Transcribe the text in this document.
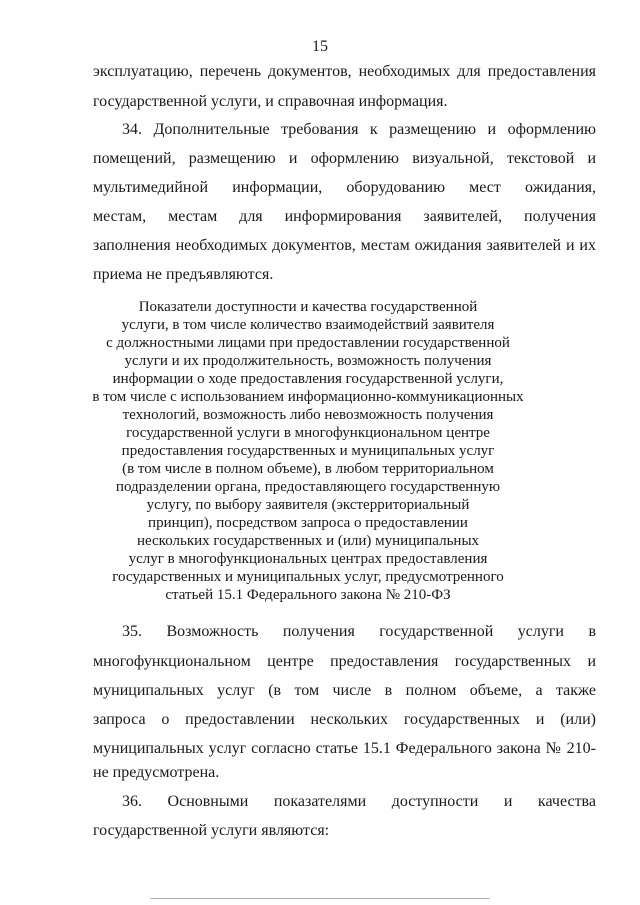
15
эксплуатацию, перечень документов, необходимых для предоставления
государственной услуги, и справочная информация.
34. Дополнительные требования к размещению и оформлению
помещений, размещению и оформлению визуальной, текстовой и
мультимедийной информации, оборудованию мест ожидания,
местам, местам для информирования заявителей, получения
заполнения необходимых документов, местам ожидания заявителей и их
приема не предъявляются.
Показатели доступности и качества государственной
услуги, в том числе количество взаимодействий заявителя
с должностными лицами при предоставлении государственной
услуги и их продолжительность, возможность получения
информации о ходе предоставления государственной услуги,
в том числе с использованием информационно-коммуникационных
технологий, возможность либо невозможность получения
государственной услуги в многофункциональном центре
предоставления государственных и муниципальных услуг
(в том числе в полном объеме), в любом территориальном
подразделении органа, предоставляющего государственную
услугу, по выбору заявителя (экстерриториальный
принцип), посредством запроса о предоставлении
нескольких государственных и (или) муниципальных
услуг в многофункциональных центрах предоставления
государственных и муниципальных услуг, предусмотренного
статьей 15.1 Федерального закона № 210-ФЗ
35. Возможность получения государственной услуги в
многофункциональном центре предоставления государственных и
муниципальных услуг (в том числе в полном объеме, а также
запроса о предоставлении нескольких государственных и (или)
муниципальных услуг согласно статье 15.1 Федерального закона № 210-
не предусмотрена.
36. Основными показателями доступности и качества
государственной услуги являются:
